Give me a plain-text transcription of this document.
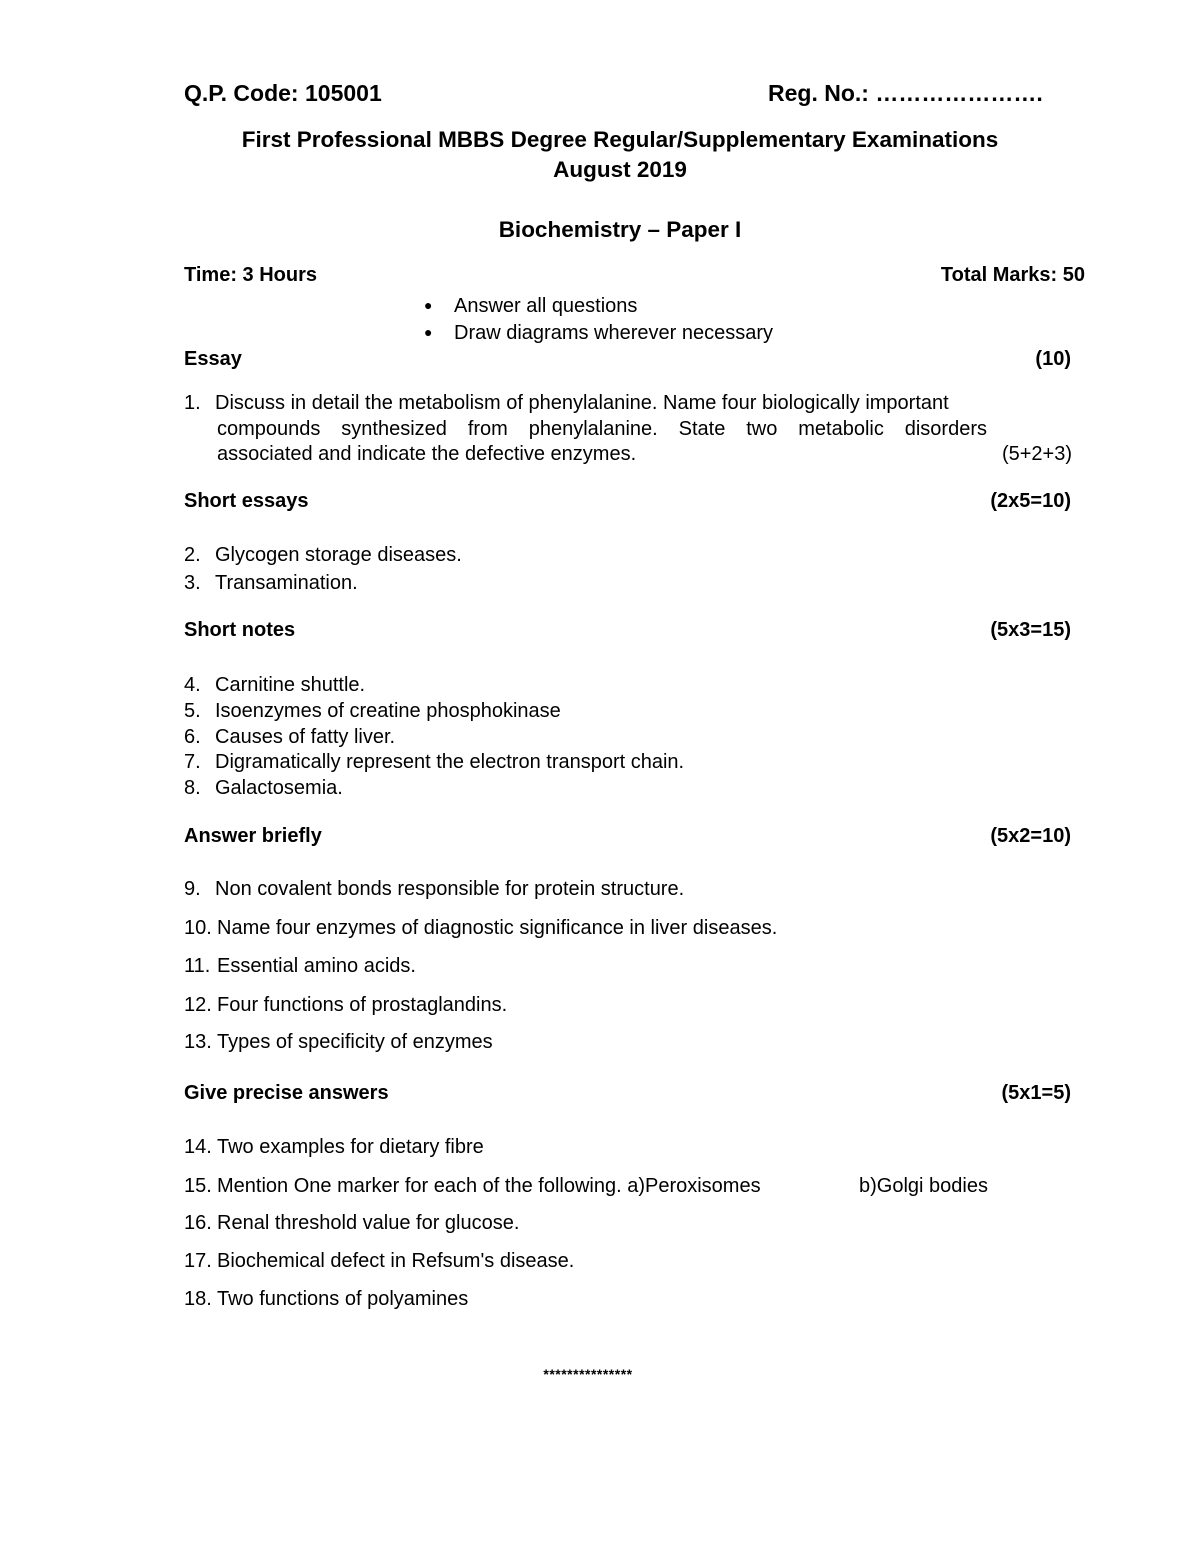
Q.P. Code: 105001	Reg. No.: ………………….
First Professional MBBS Degree Regular/Supplementary Examinations
August 2019
Biochemistry – Paper I
Time: 3 Hours	Total Marks: 50
● Answer all questions
● Draw diagrams wherever necessary
Essay	(10)
1. Discuss in detail the metabolism of phenylalanine. Name four biologically important
compounds synthesized from phenylalanine. State two metabolic disorders
associated and indicate the defective enzymes.	(5+2+3)
Short essays	(2x5=10)
2. Glycogen storage diseases.
3. Transamination.
Short notes	(5x3=15)
4. Carnitine shuttle.
5. Isoenzymes of creatine phosphokinase
6. Causes of fatty liver.
7. Digramatically represent the electron transport chain.
8. Galactosemia.
Answer briefly	(5x2=10)
9. Non covalent bonds responsible for protein structure.
10. Name four enzymes of diagnostic significance in liver diseases.
11. Essential amino acids.
12. Four functions of prostaglandins.
13. Types of specificity of enzymes
Give precise answers	(5x1=5)
14. Two examples for dietary fibre
15. Mention One marker for each of the following. a)Peroxisomes	b)Golgi bodies
16. Renal threshold value for glucose.
17. Biochemical defect in Refsum's disease.
18. Two functions of polyamines
***************
